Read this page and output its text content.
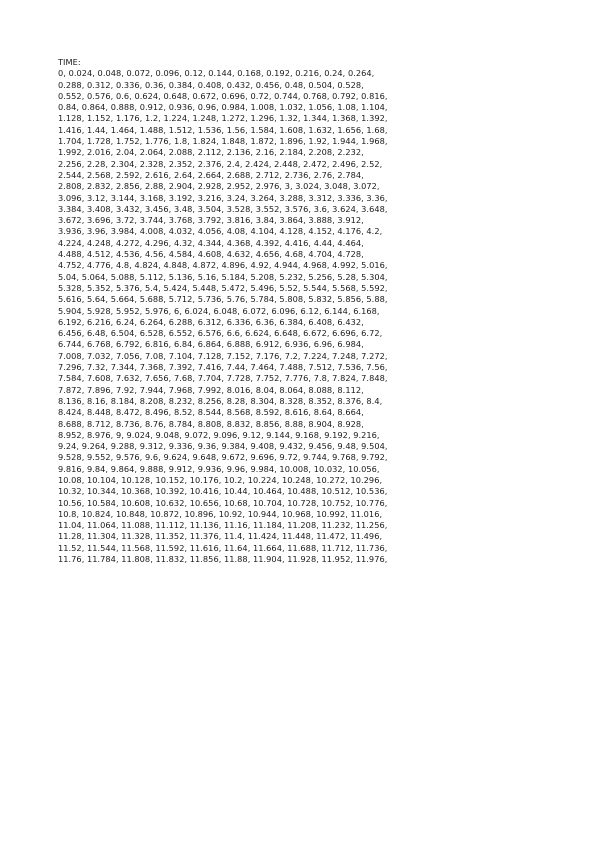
TIME:
0, 0.024, 0.048, 0.072, 0.096, 0.12, 0.144, 0.168, 0.192, 0.216, 0.24, 0.264,
0.288, 0.312, 0.336, 0.36, 0.384, 0.408, 0.432, 0.456, 0.48, 0.504, 0.528,
0.552, 0.576, 0.6, 0.624, 0.648, 0.672, 0.696, 0.72, 0.744, 0.768, 0.792, 0.816,
0.84, 0.864, 0.888, 0.912, 0.936, 0.96, 0.984, 1.008, 1.032, 1.056, 1.08, 1.104,
1.128, 1.152, 1.176, 1.2, 1.224, 1.248, 1.272, 1.296, 1.32, 1.344, 1.368, 1.392,
1.416, 1.44, 1.464, 1.488, 1.512, 1.536, 1.56, 1.584, 1.608, 1.632, 1.656, 1.68,
1.704, 1.728, 1.752, 1.776, 1.8, 1.824, 1.848, 1.872, 1.896, 1.92, 1.944, 1.968,
1.992, 2.016, 2.04, 2.064, 2.088, 2.112, 2.136, 2.16, 2.184, 2.208, 2.232,
2.256, 2.28, 2.304, 2.328, 2.352, 2.376, 2.4, 2.424, 2.448, 2.472, 2.496, 2.52,
2.544, 2.568, 2.592, 2.616, 2.64, 2.664, 2.688, 2.712, 2.736, 2.76, 2.784,
2.808, 2.832, 2.856, 2.88, 2.904, 2.928, 2.952, 2.976, 3, 3.024, 3.048, 3.072,
3.096, 3.12, 3.144, 3.168, 3.192, 3.216, 3.24, 3.264, 3.288, 3.312, 3.336, 3.36,
3.384, 3.408, 3.432, 3.456, 3.48, 3.504, 3.528, 3.552, 3.576, 3.6, 3.624, 3.648,
3.672, 3.696, 3.72, 3.744, 3.768, 3.792, 3.816, 3.84, 3.864, 3.888, 3.912,
3.936, 3.96, 3.984, 4.008, 4.032, 4.056, 4.08, 4.104, 4.128, 4.152, 4.176, 4.2,
4.224, 4.248, 4.272, 4.296, 4.32, 4.344, 4.368, 4.392, 4.416, 4.44, 4.464,
4.488, 4.512, 4.536, 4.56, 4.584, 4.608, 4.632, 4.656, 4.68, 4.704, 4.728,
4.752, 4.776, 4.8, 4.824, 4.848, 4.872, 4.896, 4.92, 4.944, 4.968, 4.992, 5.016,
5.04, 5.064, 5.088, 5.112, 5.136, 5.16, 5.184, 5.208, 5.232, 5.256, 5.28, 5.304,
5.328, 5.352, 5.376, 5.4, 5.424, 5.448, 5.472, 5.496, 5.52, 5.544, 5.568, 5.592,
5.616, 5.64, 5.664, 5.688, 5.712, 5.736, 5.76, 5.784, 5.808, 5.832, 5.856, 5.88,
5.904, 5.928, 5.952, 5.976, 6, 6.024, 6.048, 6.072, 6.096, 6.12, 6.144, 6.168,
6.192, 6.216, 6.24, 6.264, 6.288, 6.312, 6.336, 6.36, 6.384, 6.408, 6.432,
6.456, 6.48, 6.504, 6.528, 6.552, 6.576, 6.6, 6.624, 6.648, 6.672, 6.696, 6.72,
6.744, 6.768, 6.792, 6.816, 6.84, 6.864, 6.888, 6.912, 6.936, 6.96, 6.984,
7.008, 7.032, 7.056, 7.08, 7.104, 7.128, 7.152, 7.176, 7.2, 7.224, 7.248, 7.272,
7.296, 7.32, 7.344, 7.368, 7.392, 7.416, 7.44, 7.464, 7.488, 7.512, 7.536, 7.56,
7.584, 7.608, 7.632, 7.656, 7.68, 7.704, 7.728, 7.752, 7.776, 7.8, 7.824, 7.848,
7.872, 7.896, 7.92, 7.944, 7.968, 7.992, 8.016, 8.04, 8.064, 8.088, 8.112,
8.136, 8.16, 8.184, 8.208, 8.232, 8.256, 8.28, 8.304, 8.328, 8.352, 8.376, 8.4,
8.424, 8.448, 8.472, 8.496, 8.52, 8.544, 8.568, 8.592, 8.616, 8.64, 8.664,
8.688, 8.712, 8.736, 8.76, 8.784, 8.808, 8.832, 8.856, 8.88, 8.904, 8.928,
8.952, 8.976, 9, 9.024, 9.048, 9.072, 9.096, 9.12, 9.144, 9.168, 9.192, 9.216,
9.24, 9.264, 9.288, 9.312, 9.336, 9.36, 9.384, 9.408, 9.432, 9.456, 9.48, 9.504,
9.528, 9.552, 9.576, 9.6, 9.624, 9.648, 9.672, 9.696, 9.72, 9.744, 9.768, 9.792,
9.816, 9.84, 9.864, 9.888, 9.912, 9.936, 9.96, 9.984, 10.008, 10.032, 10.056,
10.08, 10.104, 10.128, 10.152, 10.176, 10.2, 10.224, 10.248, 10.272, 10.296,
10.32, 10.344, 10.368, 10.392, 10.416, 10.44, 10.464, 10.488, 10.512, 10.536,
10.56, 10.584, 10.608, 10.632, 10.656, 10.68, 10.704, 10.728, 10.752, 10.776,
10.8, 10.824, 10.848, 10.872, 10.896, 10.92, 10.944, 10.968, 10.992, 11.016,
11.04, 11.064, 11.088, 11.112, 11.136, 11.16, 11.184, 11.208, 11.232, 11.256,
11.28, 11.304, 11.328, 11.352, 11.376, 11.4, 11.424, 11.448, 11.472, 11.496,
11.52, 11.544, 11.568, 11.592, 11.616, 11.64, 11.664, 11.688, 11.712, 11.736,
11.76, 11.784, 11.808, 11.832, 11.856, 11.88, 11.904, 11.928, 11.952, 11.976,
